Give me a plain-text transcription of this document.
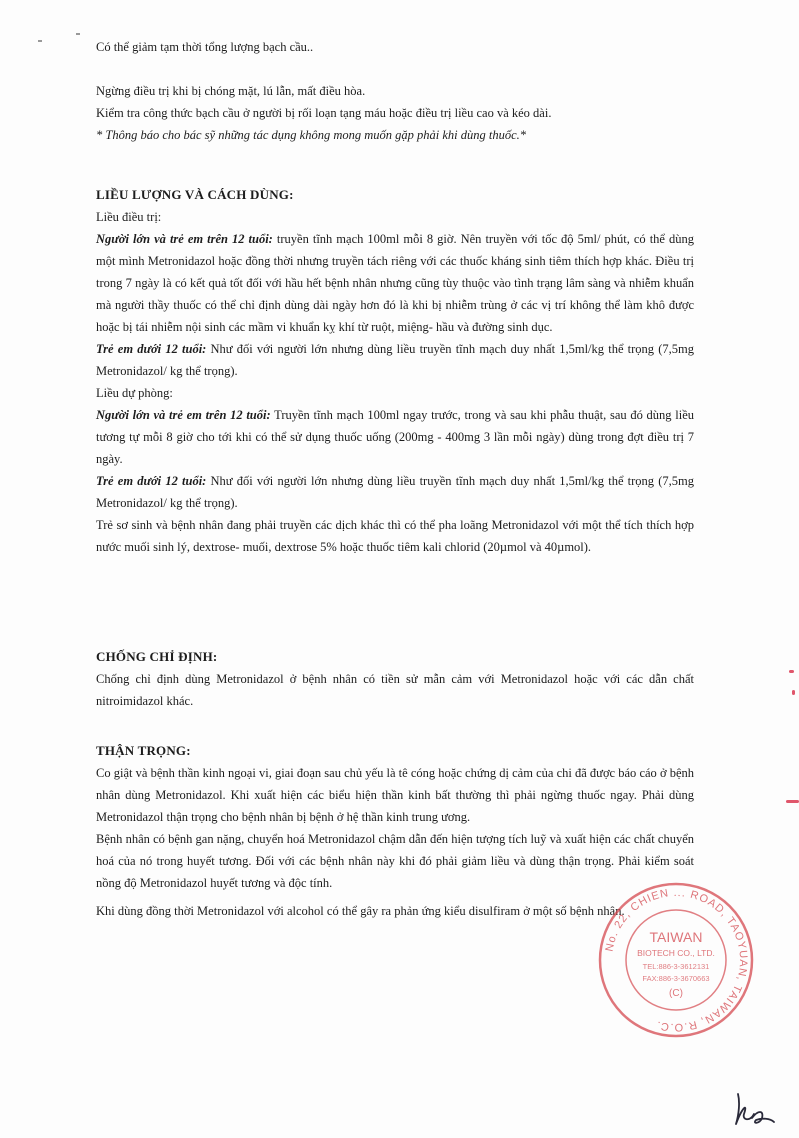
Có thể giảm tạm thời tổng lượng bạch cầu..
Ngừng điều trị khi bị chóng mặt, lú lẫn, mất điều hòa.
Kiểm tra công thức bạch cầu ở người bị rối loạn tạng máu hoặc điều trị liều cao và kéo dài.
* Thông báo cho bác sỹ những tác dụng không mong muốn gặp phải khi dùng thuốc.*
LIỀU LƯỢNG VÀ CÁCH DÙNG:
Liều điều trị:
Người lớn và trẻ em trên 12 tuổi: truyền tĩnh mạch 100ml mỗi 8 giờ. Nên truyền với tốc độ 5ml/ phút, có thể dùng một mình Metronidazol hoặc đồng thời nhưng truyền tách riêng với các thuốc kháng sinh tiêm thích hợp khác. Điều trị trong 7 ngày là có kết quả tốt đối với hầu hết bệnh nhân nhưng cũng tùy thuộc vào tình trạng lâm sàng và nhiễm khuẩn mà người thầy thuốc có thể chỉ định dùng dài ngày hơn đó là khi bị nhiễm trùng ở các vị trí không thể làm khô được hoặc bị tái nhiễm nội sinh các mầm vi khuẩn kỵ khí từ ruột, miệng- hầu và đường sinh dục.
Trẻ em dưới 12 tuổi: Như đối với người lớn nhưng dùng liều truyền tĩnh mạch duy nhất 1,5ml/kg thể trọng (7,5mg Metronidazol/ kg thể trọng).
Liều dự phòng:
Người lớn và trẻ em trên 12 tuổi: Truyền tĩnh mạch 100ml ngay trước, trong và sau khi phẫu thuật, sau đó dùng liều tương tự mỗi 8 giờ cho tới khi có thể sử dụng thuốc uống (200mg - 400mg 3 lần mỗi ngày) dùng trong đợt điều trị 7 ngày.
Trẻ em dưới 12 tuổi: Như đối với người lớn nhưng dùng liều truyền tĩnh mạch duy nhất 1,5ml/kg thể trọng (7,5mg Metronidazol/ kg thể trọng).
Trẻ sơ sinh và bệnh nhân đang phải truyền các dịch khác thì có thể pha loãng Metronidazol với một thể tích thích hợp nước muối sinh lý, dextrose- muối, dextrose 5% hoặc thuốc tiêm kali chlorid (20µmol và 40µmol).
CHỐNG CHỈ ĐỊNH:
Chống chỉ định dùng Metronidazol ở bệnh nhân có tiền sử mẫn cảm với Metronidazol hoặc với các dẫn chất nitroimidazol khác.
THẬN TRỌNG:
Co giật và bệnh thần kinh ngoại vi, giai đoạn sau chủ yếu là tê cóng hoặc chứng dị cảm của chi đã được báo cáo ở bệnh nhân dùng Metronidazol. Khi xuất hiện các biểu hiện thần kinh bất thường thì phải ngừng thuốc ngay. Phải dùng Metronidazol thận trọng cho bệnh nhân bị bệnh ở hệ thần kinh trung ương.
Bệnh nhân có bệnh gan nặng, chuyển hoá Metronidazol chậm dẫn đến hiện tượng tích luỹ và xuất hiện các chất chuyển hoá của nó trong huyết tương. Đối với các bệnh nhân này khi đó phải giảm liều và dùng thận trọng. Phải kiểm soát nồng độ Metronidazol huyết tương và độc tính.
Khi dùng đồng thời Metronidazol với alcohol có thể gây ra phản ứng kiểu disulfiram ở một số bệnh nhân.
No. 22, CHIEN ... ROAD, TAOYUAN, TAIWAN, R.O.C.
TAIWAN
BIOTECH CO., LTD.
TEL:886-3-3612131
FAX:886-3-3670663
(C)
